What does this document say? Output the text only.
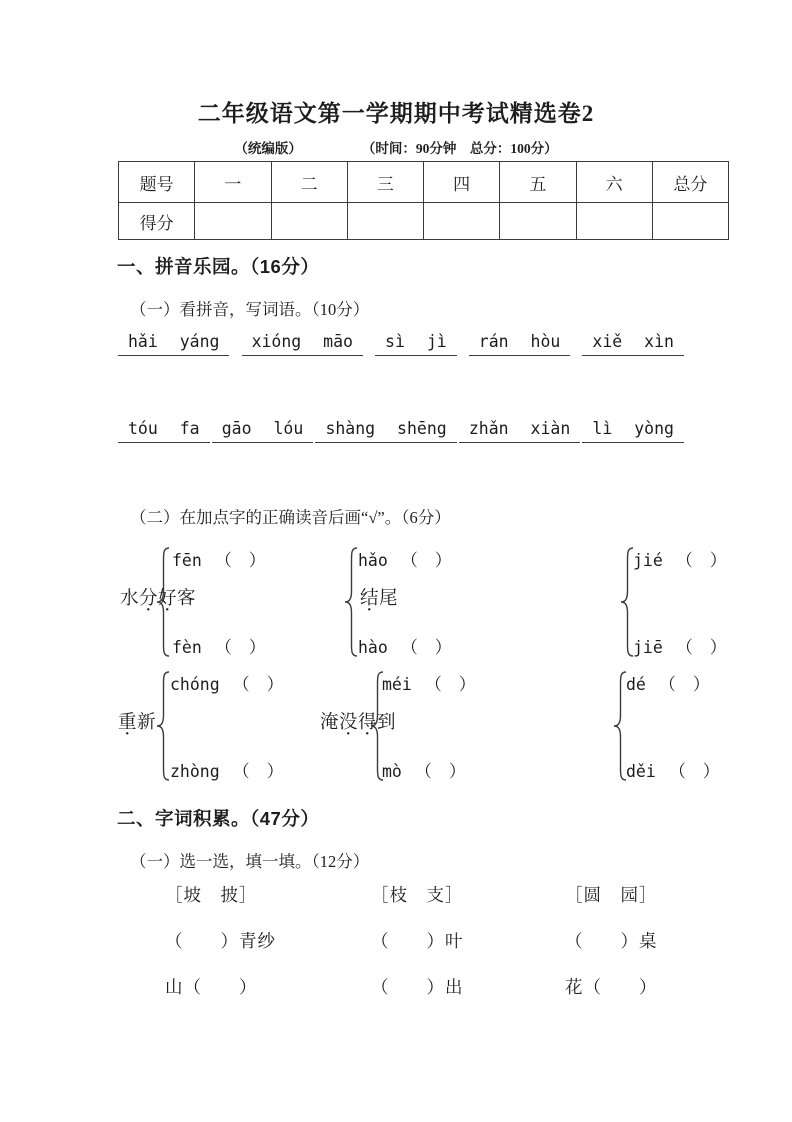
二年级语文第一学期期中考试精选卷2
（统编版）	（时间：90分钟　总分：100分）
题号	一	二	三	四	五	六	总分
得分							
一、拼音乐园。（16分）
（一）看拼音，写词语。（10分）
hǎi yáng	xióng māo	sì jì	rán hòu	xiě xìn
tóu fa	gāo lóu	shàng shēng	zhǎn xiàn	lì yòng
（二）在加点字的正确读音后画“√”。（6分）
水分好客
fēn （　）
fèn （　）
结尾
hǎo （　）
hào （　）
jié （　）
jiē （　）
重新
chóng （　）
zhòng （　）
淹没得到
méi （　）
mò （　）
dé （　）
děi （　）
二、字词积累。（47分）
（一）选一选，填一填。（12分）
［坡　披］
（　　）青纱
山（　　）
［枝　支］
（　　）叶
（　　）出
［圆　园］
（　　）桌
花（　　）
